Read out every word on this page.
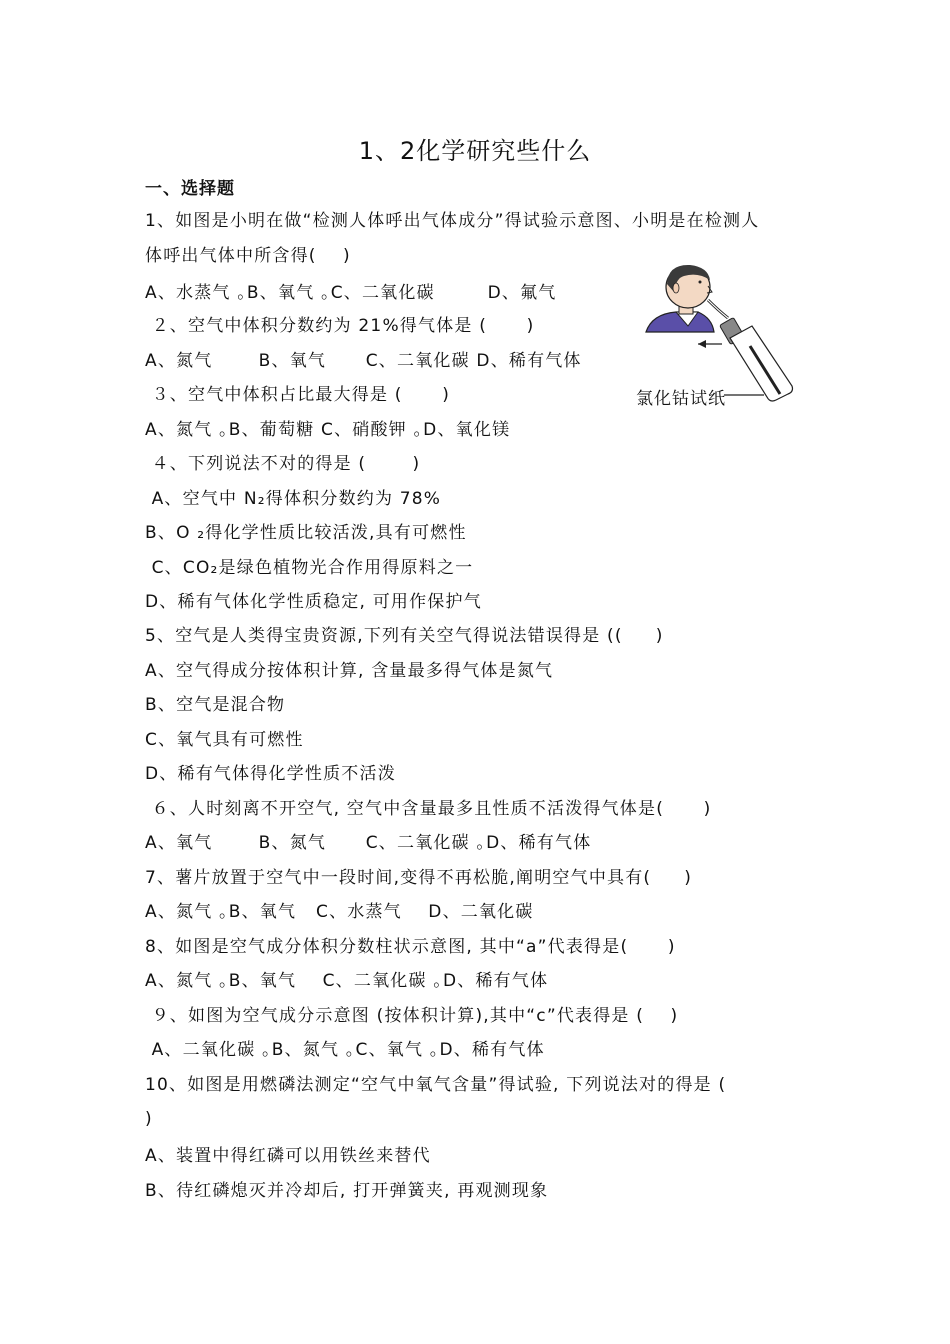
1、2化学研究些什么
一、选择题
1、如图是小明在做“检测人体呼出气体成分”得试验示意图、小明是在检测人
体呼出气体中所含得(    )
A、水蒸气 ｡B、氧气 ｡C、二氧化碳        D、氟气
２、空气中体积分数约为 21%得气体是 (      )
A、氮气       B、氧气      C、二氧化碳 D、稀有气体
３、空气中体积占比最大得是 (      )
A、氮气 ｡B、葡萄糖 C、硝酸钾 ｡D、氧化镁
４、下列说法不对的得是 (       )
A、空气中 N₂得体积分数约为 78%
B、O ₂得化学性质比较活泼,具有可燃性
C、CO₂是绿色植物光合作用得原料之一
D、稀有气体化学性质稳定, 可用作保护气
5、空气是人类得宝贵资源,下列有关空气得说法错误得是 ((     )
A、空气得成分按体积计算, 含量最多得气体是氮气
B、空气是混合物
C、氧气具有可燃性
D、稀有气体得化学性质不活泼
６、人时刻离不开空气, 空气中含量最多且性质不活泼得气体是(      )
A、氧气       B、氮气      C、二氧化碳 ｡D、稀有气体
7、薯片放置于空气中一段时间,变得不再松脆,阐明空气中具有(     )
A、氮气 ｡B、氧气   C、水蒸气    D、二氧化碳
8、如图是空气成分体积分数柱状示意图, 其中“a”代表得是(      )
A、氮气 ｡B、氧气    C、二氧化碳 ｡D、稀有气体
９、如图为空气成分示意图 (按体积计算),其中“c”代表得是 (    )
A、二氧化碳 ｡B、氮气 ｡C、氧气 ｡D、稀有气体
10、如图是用燃磷法测定“空气中氧气含量”得试验, 下列说法对的得是 (
)
A、装置中得红磷可以用铁丝来替代
B、待红磷熄灭并冷却后, 打开弹簧夹, 再观测现象
氯化钴试纸
